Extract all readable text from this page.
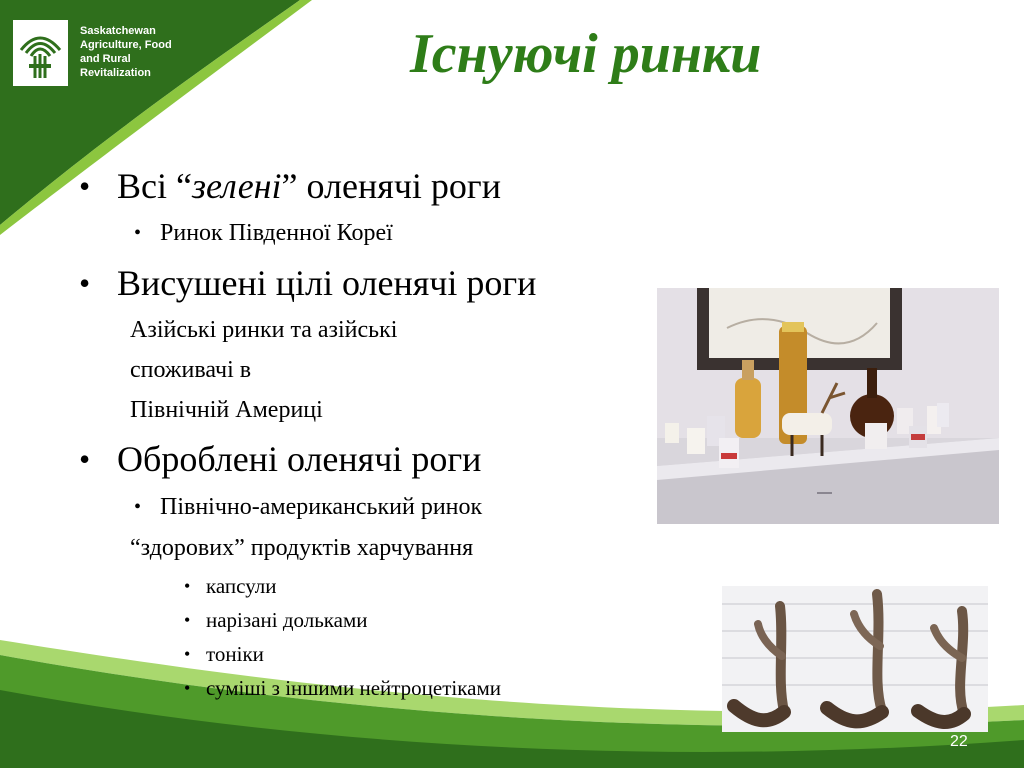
Saskatchewan
Agriculture, Food
and Rural
Revitalization	Існуючі ринки
• Всі “зелені” оленячі роги
• Ринок Південної Кореї
• Висушені цілі оленячі роги
Азійські ринки та азійські
споживачі в
Північній Америці
• Оброблені оленячі роги
• Північно-американський ринок
“здорових” продуктів харчування
• капсули
• нарізані дольками
• тоніки
• суміші з іншими нейтроцетіками
22
